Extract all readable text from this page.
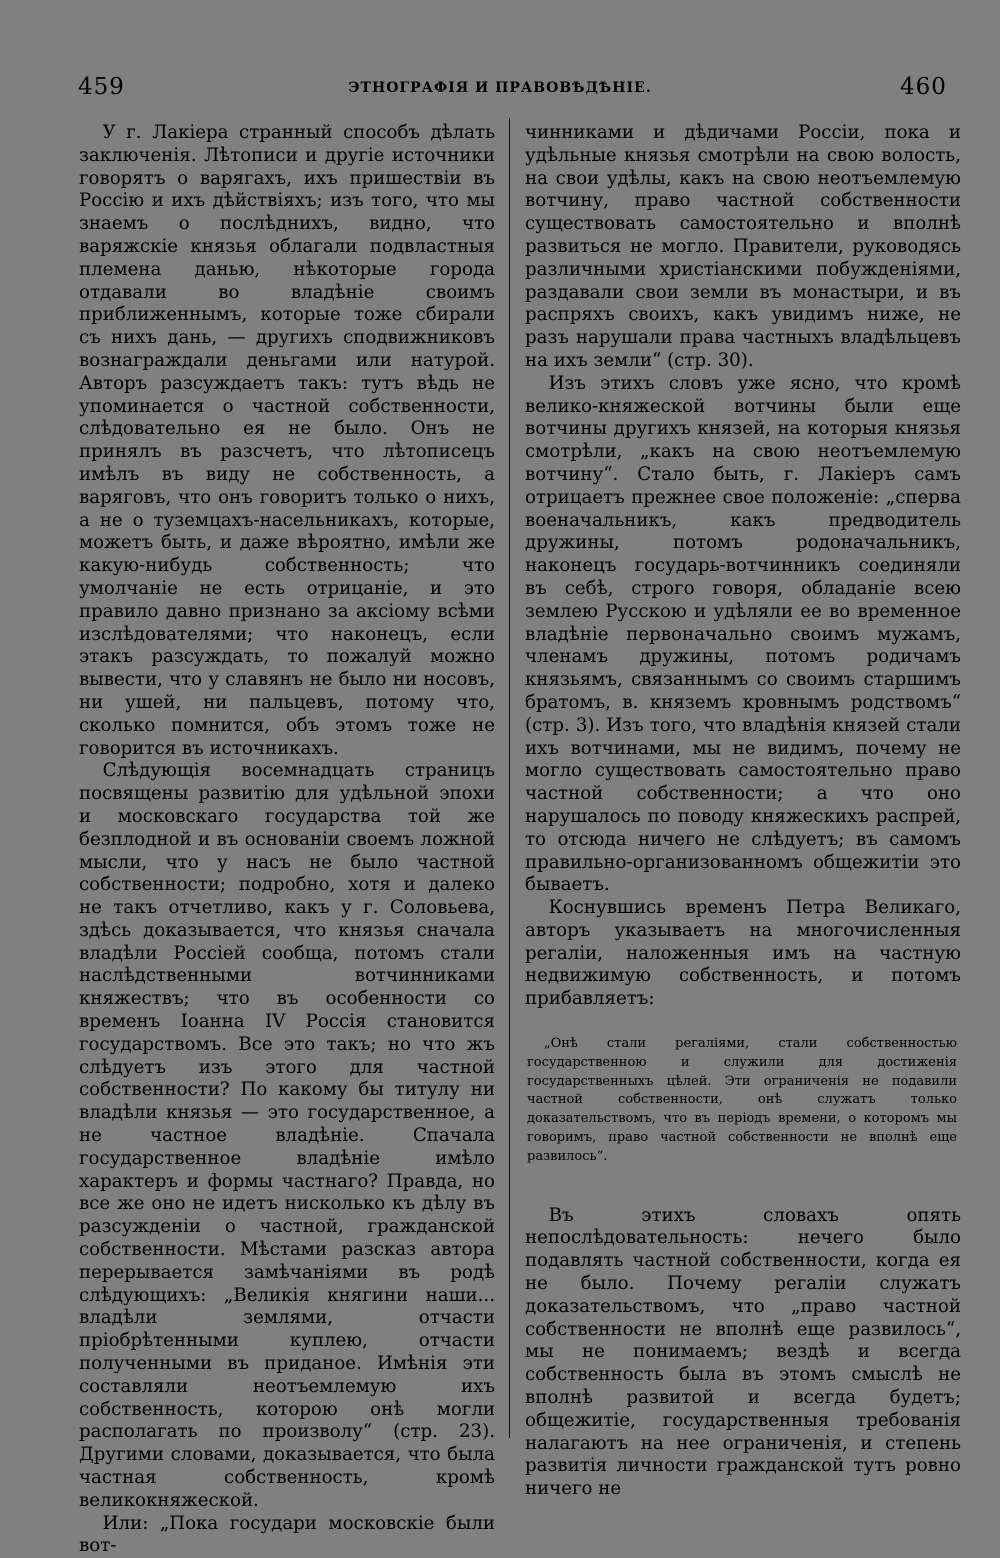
459	ЭТНОГРАФІЯ И ПРАВОВѢДѢНІЕ.	460

У г. Лакіера странный способъ дѣлать заключенія. Лѣтописи и другіе источники говорятъ о варягахъ, ихъ пришествіи въ Россію и ихъ дѣйствіяхъ; изъ того, что мы знаемъ о послѣднихъ, видно, что варяжскіе князья облагали подвластныя племена данью, нѣкоторые города отдавали во владѣніе своимъ приближеннымъ, которые тоже сбирали съ нихъ дань, — другихъ сподвижниковъ вознаграждали деньгами или натурой. Авторъ разсуждаетъ такъ: тутъ вѣдь не упоминается о частной собственности, слѣдовательно ея не было. Онъ не принялъ въ разсчетъ, что лѣтописецъ имѣлъ въ виду не собственность, а варяговъ, что онъ говоритъ только о нихъ, а не о туземцахъ-насельникахъ, которые, можетъ быть, и даже вѣроятно, имѣли же какую-нибудь собственность; что умолчаніе не есть отрицаніе, и это правило давно признано за аксіому всѣми изслѣдователями; что наконецъ, если этакъ разсуждать, то пожалуй можно вывести, что у славянъ не было ни носовъ, ни ушей, ни пальцевъ, потому что, сколько помнится, объ этомъ тоже не говорится въ источникахъ.

Слѣдующія восемнадцать страницъ посвящены развитію для удѣльной эпохи и московскаго государства той же безплодной и въ основаніи своемъ ложной мысли, что у насъ не было частной собственности; подробно, хотя и далеко не такъ отчетливо, какъ у г. Соловьева, здѣсь доказывается, что князья сначала владѣли Россіей сообща, потомъ стали наслѣдственными вотчинниками княжествъ; что въ особенности со временъ Іоанна IV Россія становится государствомъ. Все это такъ; но что жъ слѣдуетъ изъ этого для частной собственности? По какому бы титулу ни владѣли князья — это государственное, а не частное владѣніе. Спачала государственное владѣніе имѣло характеръ и формы частнаго? Правда, но все же оно не идетъ нисколько къ дѣлу въ разсужденіи о частной, гражданской собственности. Мѣстами разсказ автора перерывается замѣчаніями въ родѣ слѣдующихъ: „Великія княгини наши... владѣли землями, отчасти пріобрѣтенными куплею, отчасти полученными въ приданое. Имѣнія эти составляли неотъемлемую ихъ собственность, которою онѣ могли располагать по произволу“ (стр. 23). Другими словами, доказывается, что была частная собственность, кромѣ великокняжеской.

Или: „Пока государи московскіе были вот-

чинниками и дѣдичами Россіи, пока и удѣльные князья смотрѣли на свою волость, на свои удѣлы, какъ на свою неотъемлемую вотчину, право частной собственности существовать самостоятельно и вполнѣ развиться не могло. Правители, руководясь различными христіанскими побужденіями, раздавали свои земли въ монастыри, и въ распряхъ своихъ, какъ увидимъ ниже, не разъ нарушали права частныхъ владѣльцевъ на ихъ земли“ (стр. 30).

Изъ этихъ словъ уже ясно, что кромѣ велико-княжеской вотчины были еще вотчины другихъ князей, на которыя князья смотрѣли, „какъ на свою неотъемлемую вотчину“. Стало быть, г. Лакіеръ самъ отрицаетъ прежнее свое положеніе: „сперва военачальникъ, какъ предводитель дружины, потомъ родоначальникъ, наконецъ государь-вотчинникъ соединяли въ себѣ, строго говоря, обладаніе всею землею Русскою и удѣляли ее во временное владѣніе первоначально своимъ мужамъ, членамъ дружины, потомъ родичамъ князьямъ, связаннымъ со своимъ старшимъ братомъ, в. княземъ кровнымъ родствомъ“ (стр. 3). Изъ того, что владѣнія князей стали ихъ вотчинами, мы не видимъ, почему не могло существовать самостоятельно право частной собственности; а что оно нарушалось по поводу княжескихъ распрей, то отсюда ничего не слѣдуетъ; въ самомъ правильно-организованномъ общежитіи это бываетъ.

Коснувшись временъ Петра Великаго, авторъ указываетъ на многочисленныя регаліи, наложенныя имъ на частную недвижимую собственность, и потомъ прибавляетъ:

„Онѣ стали регаліями, стали собственностью государственною и служили для достиженія государственныхъ цѣлей. Эти ограниченія не подавили частной собственности, онѣ служатъ только доказательствомъ, что въ періодъ времени, о которомъ мы говоримъ, право частной собственности не вполнѣ еще развилось“.

Въ этихъ словахъ опять непослѣдовательность: нечего было подавлять частной собственности, когда ея не было. Почему регаліи служатъ доказательствомъ, что „право частной собственности не вполнѣ еще развилось“, мы не понимаемъ; вездѣ и всегда собственность была въ этомъ смыслѣ не вполнѣ развитой и всегда будетъ; общежитіе, государственныя требованія налагаютъ на нее ограниченія, и степень развитія личности гражданской тутъ ровно ничего не
